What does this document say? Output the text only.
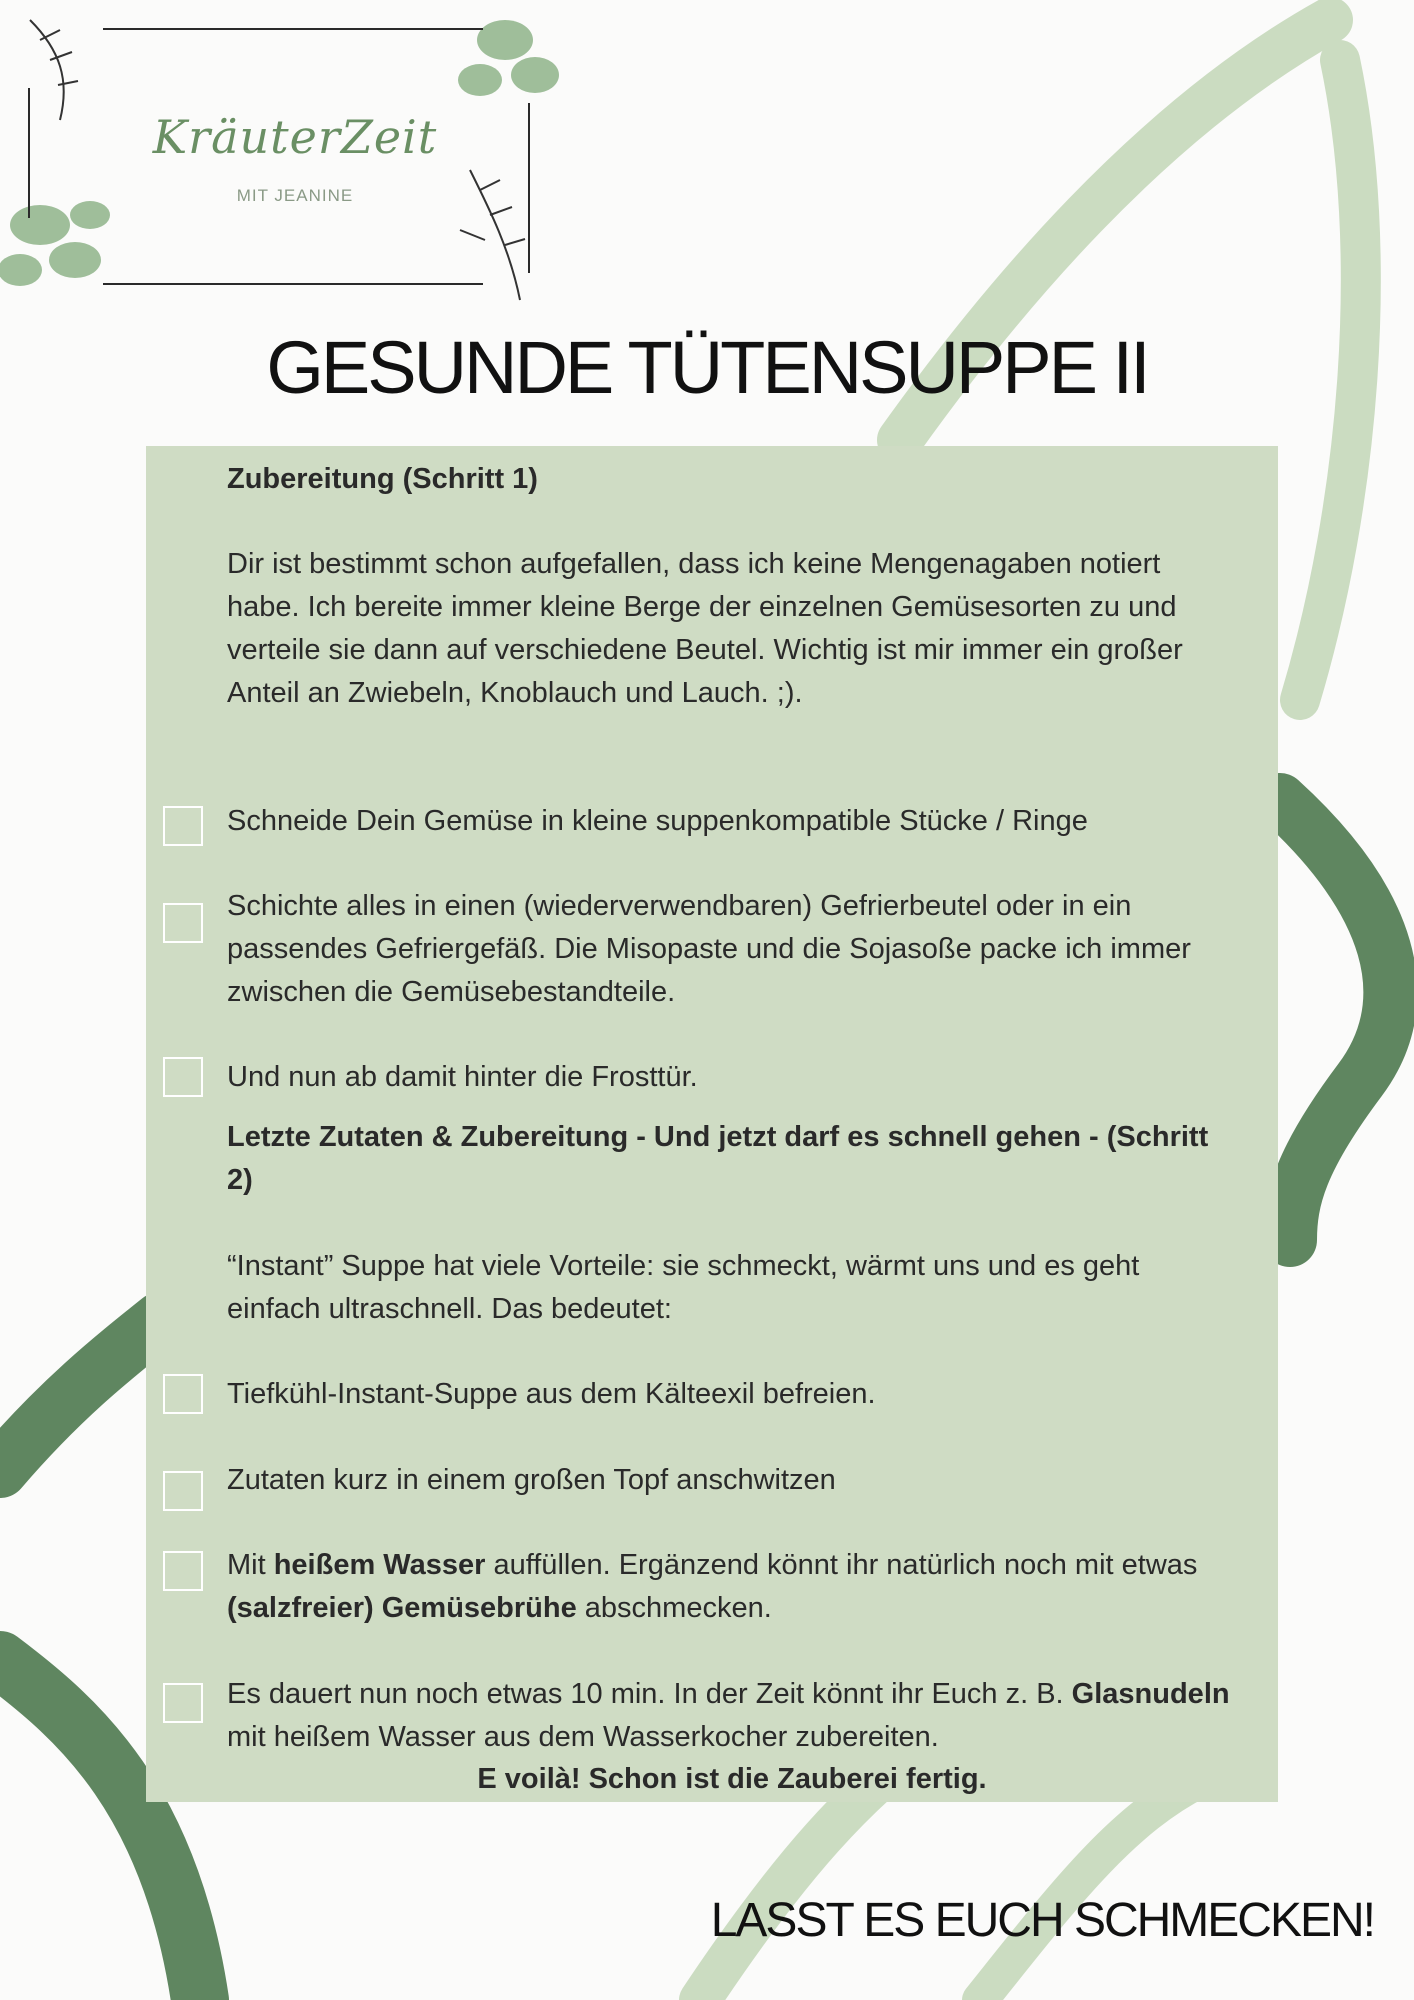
KräuterZeit
MIT JEANINE
GESUNDE TÜTENSUPPE II
Zubereitung (Schritt 1)
Dir ist bestimmt schon aufgefallen, dass ich keine Mengenagaben notiert habe. Ich bereite immer kleine Berge der einzelnen Gemüsesorten zu und verteile sie dann auf verschiedene Beutel. Wichtig ist mir immer ein großer Anteil an Zwiebeln, Knoblauch und Lauch. ;).
Schneide Dein Gemüse in kleine suppenkompatible Stücke / Ringe
Schichte alles in einen (wiederverwendbaren) Gefrierbeutel oder in ein passendes Gefriergefäß. Die Misopaste und die Sojasoße packe ich immer zwischen die Gemüsebestandteile.
Und nun ab damit hinter die Frosttür.
Letzte Zutaten & Zubereitung - Und jetzt darf es schnell gehen - (Schritt 2)
“Instant” Suppe hat viele Vorteile: sie schmeckt, wärmt uns und es geht einfach ultraschnell. Das bedeutet:
Tiefkühl-Instant-Suppe aus dem Kälteexil befreien.
Zutaten kurz in einem großen Topf anschwitzen
Mit heißem Wasser auffüllen. Ergänzend könnt ihr natürlich noch mit etwas (salzfreier) Gemüsebrühe abschmecken.
Es dauert nun noch etwas 10 min. In der Zeit könnt ihr Euch z. B. Glasnudeln mit heißem Wasser aus dem Wasserkocher zubereiten.
E voilà! Schon ist die Zauberei fertig.
LASST ES EUCH SCHMECKEN!
